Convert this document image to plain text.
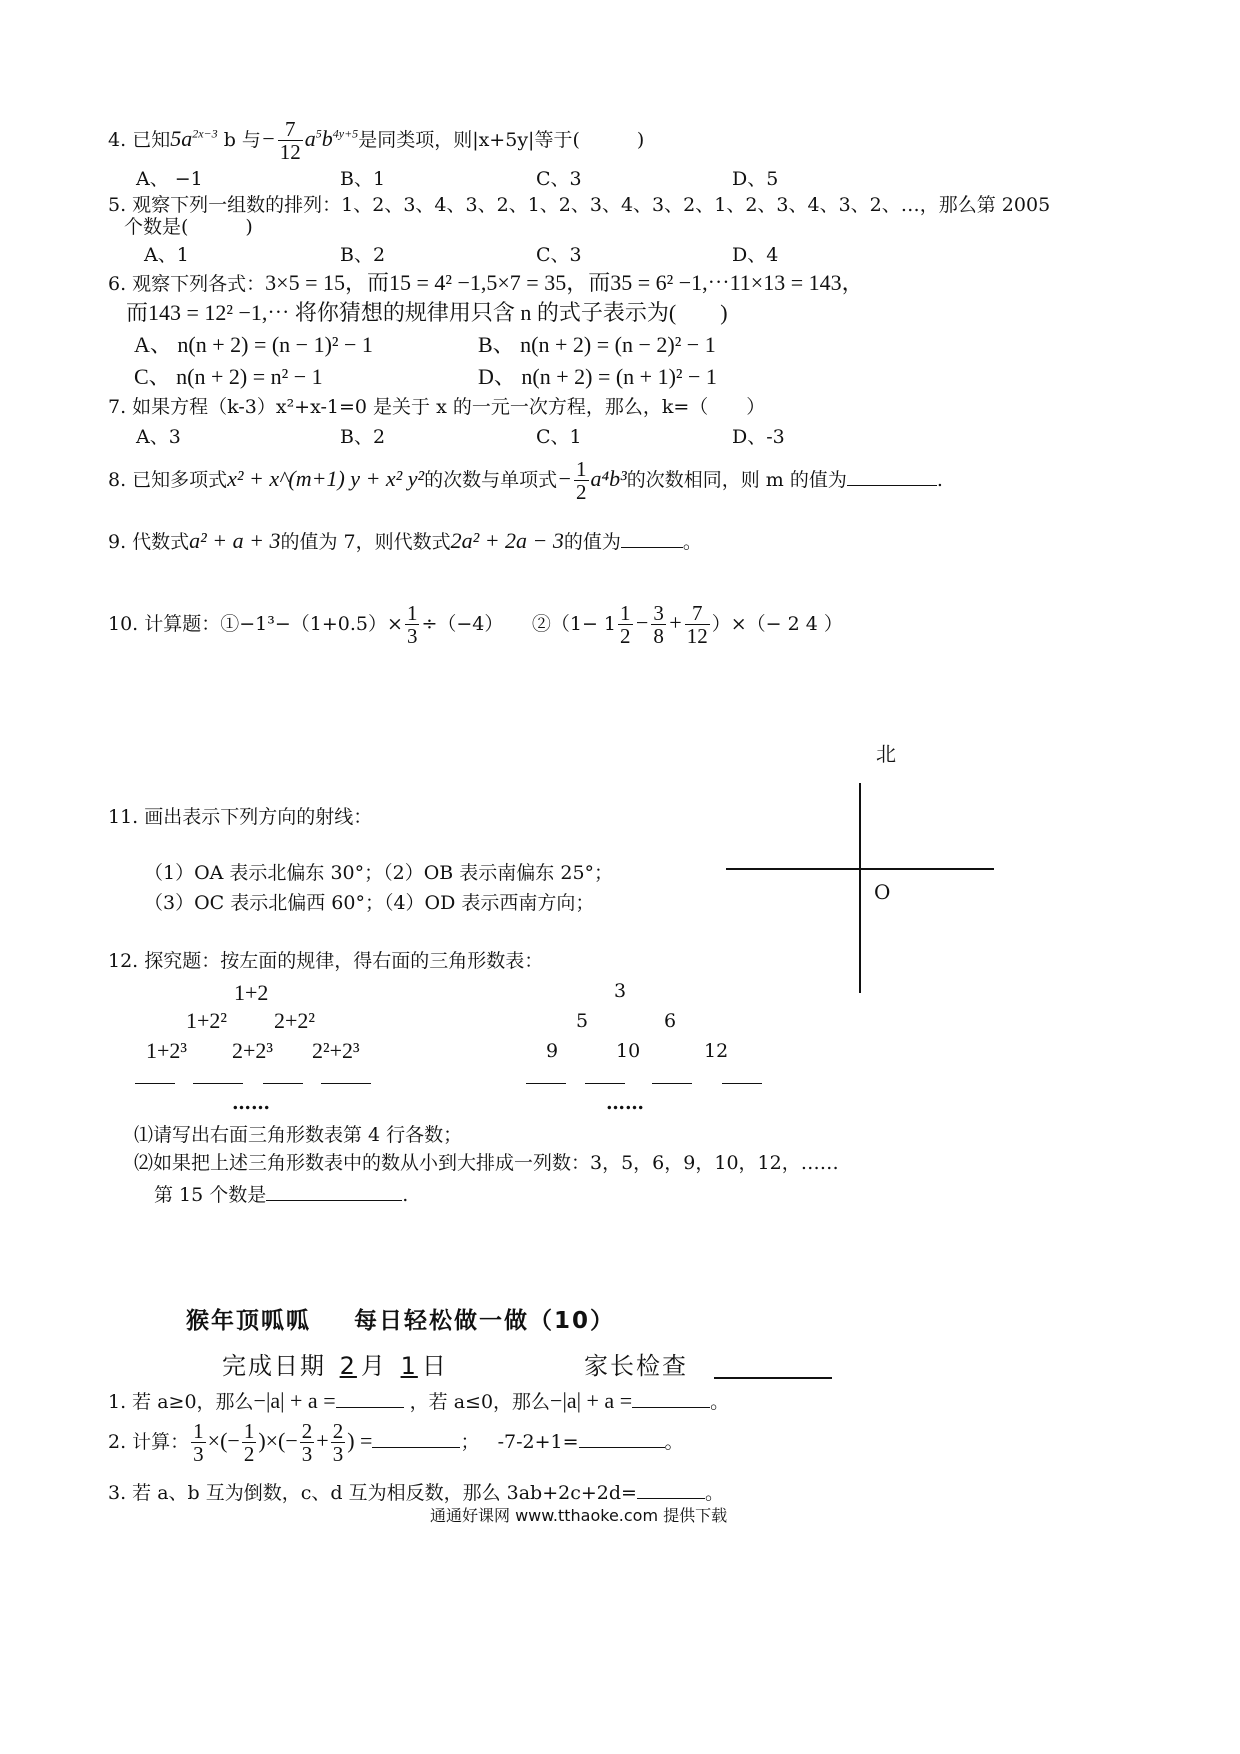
4. 已知$5a^{2x-3}$ b 与− $\frac{7}{12} a^5b^{4y+5}$是同类项，则|x+5y|等于(　　　)
A、 −1	B、1	C、3	D、5
5. 观察下列一组数的排列：1、2、3、4、3、2、1、2、3、4、3、2、1、2、3、4、3、2、…，那么第 2005
个数是(　　　)
A、1	B、2	C、3	D、4
6. 观察下列各式：3×5 = 15，而15 = 4² −1,5×7 = 35，而35 = 6² −1,⋯11×13 = 143，
而143 = 12² −1,⋯ 将你猜想的规律用只含 n 的式子表示为(　　)
A、 n(n + 2) = (n − 1)² − 1	B、 n(n + 2) = (n − 2)² − 1
C、 n(n + 2) = n² − 1	D、 n(n + 2) = (n + 1)² − 1
7. 如果方程（k-3）x²+x-1=0 是关于 x 的一元一次方程，那么，k=（　　）
A、3	B、2	C、1	D、-3
8. 已知多项式x² + x^(m+1) y + x² y²的次数与单项式− $\frac{1}{2} a^4b^3$的次数相同，则 m 的值为	.
9. 代数式a² + a + 3的值为 7，则代数式2a² + 2a − 3的值为	。
10. 计算题：①−1³−（1+0.5）× $\frac{1}{3} \div(-4)$　　②（1− $1 \frac{1}{2} - \frac{3}{8} + \frac{7}{12}$ ）×（− 2 4 ）
北
O
11. 画出表示下列方向的射线：
（1）OA 表示北偏东 30°；（2）OB 表示南偏东 25°；
（3）OC 表示北偏西 60°；（4）OD 表示西南方向；
12. 探究题：按左面的规律，得右面的三角形数表：
1+2
1+2² 2+2²
1+2³ 2+2³ 2²+2³
3
5	6
9	10	12
……	……
⑴请写出右面三角形数表第 4 行各数；
⑵如果把上述三角形数表中的数从小到大排成一列数：3，5，6，9，10，12，……
第 15 个数是	.
猴年顶呱呱 每日轻松做一做（10）
完成日期 2 月 1 日	家长检查
1. 若 a≥0，那么−|a| + a =	，若 a≤0，那么−|a| + a =	。
2. 计算： $\frac{1}{3}$ ×(− $\frac{1}{2}$ )×(− $\frac{2}{3} + \frac{2}{3}$ ) =	； -7-2+1=	。
3. 若 a、b 互为倒数，c、d 互为相反数，那么 3ab+2c+2d=	。
通通好课网 www.tthaoke.com 提供下载
